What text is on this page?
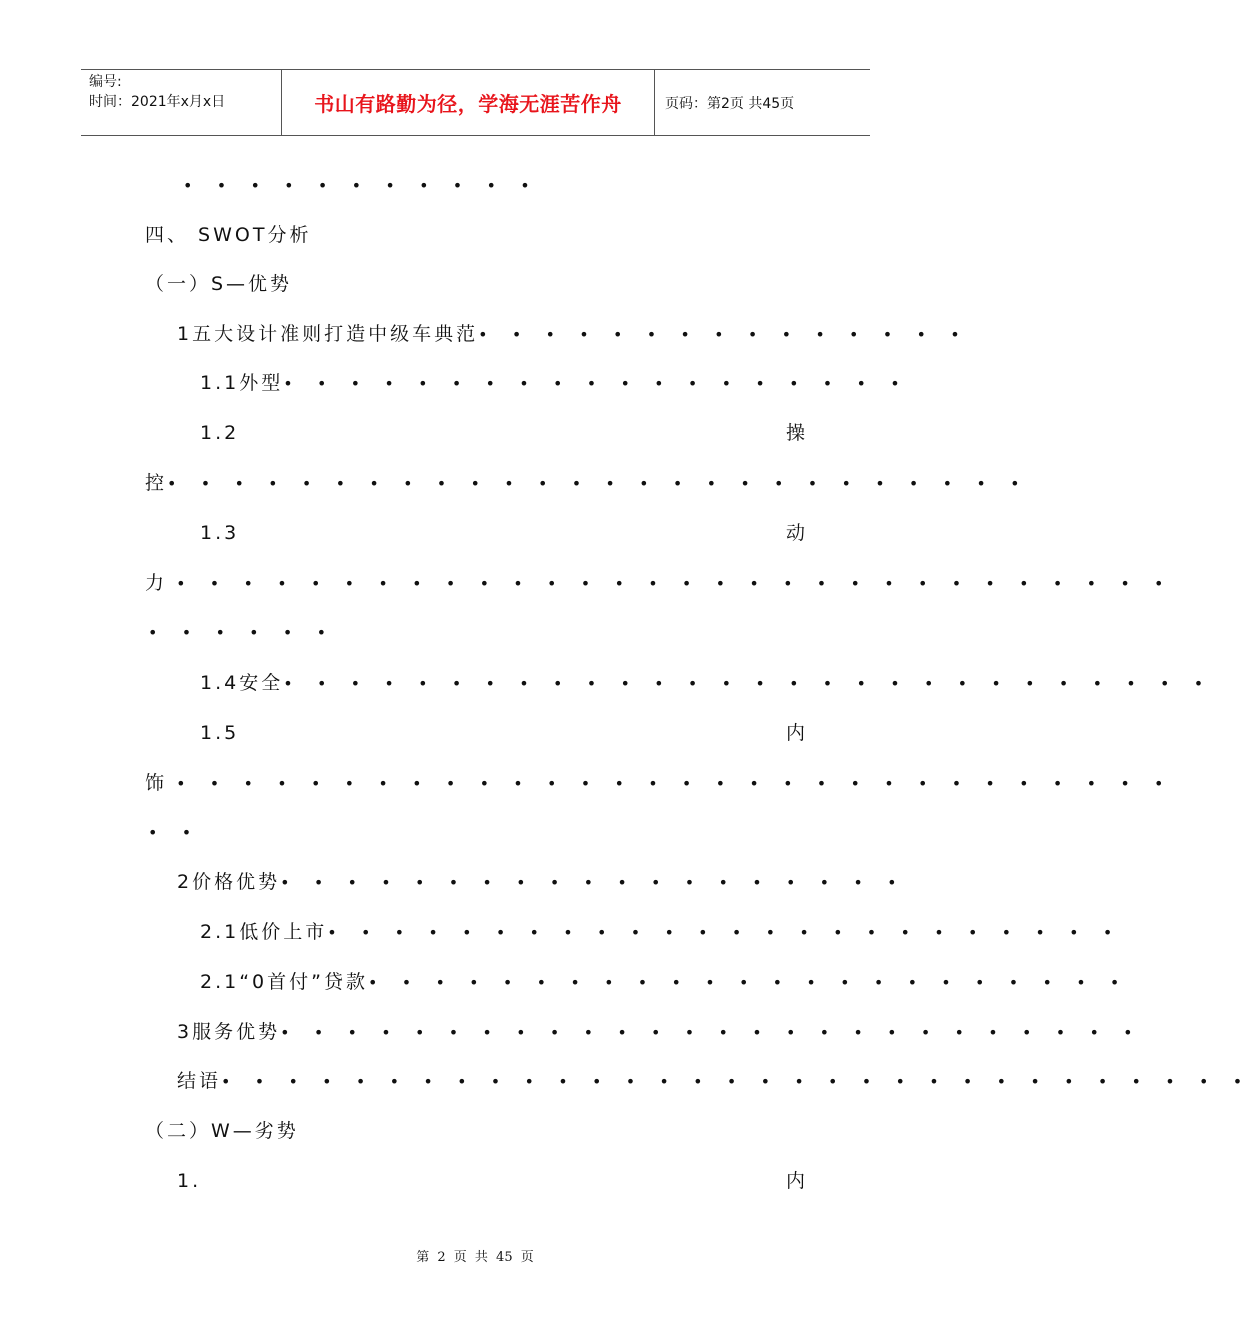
编号:
时间：2021年x月x日	书山有路勤为径，学海无涯苦作舟	页码：第2页 共45页
• • • • • • • • • • •
四、 SWOT分析
（一）S—优势
1五大设计准则打造中级车典范• • • • • • • • • • • • • • •
1.1外型• • • • • • • • • • • • • • • • • • •
1.2	操
控• • • • • • • • • • • • • • • • • • • • • • • • • •
1.3	动
力 • • • • • • • • • • • • • • • • • • • • • • • • • • • • • •
• • • • • •
1.4安全• • • • • • • • • • • • • • • • • • • • • • • • • • • •
1.5	内
饰 • • • • • • • • • • • • • • • • • • • • • • • • • • • • • •
• •
2价格优势• • • • • • • • • • • • • • • • • • •
2.1低价上市• • • • • • • • • • • • • • • • • • • • • • • •
2.1“0首付”贷款• • • • • • • • • • • • • • • • • • • • • • •
3服务优势• • • • • • • • • • • • • • • • • • • • • • • • • •
结语• • • • • • • • • • • • • • • • • • • • • • • • • • • • • • •
（二）W—劣势
1.	内
第 2 页 共 45 页
